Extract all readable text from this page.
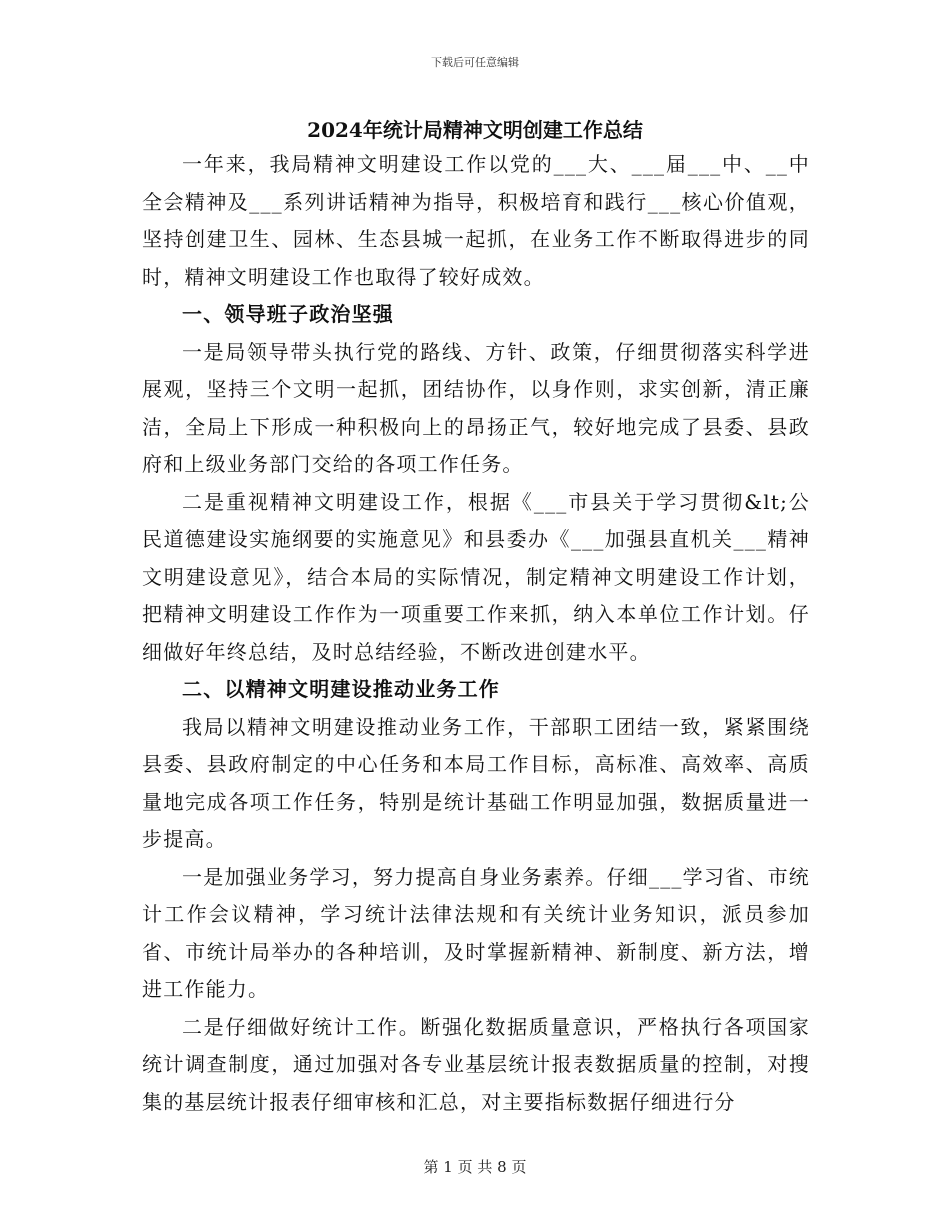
下载后可任意编辑
2024年统计局精神文明创建工作总结

一年来，我局精神文明建设工作以党的___大、___届___中、__中全会精神及___系列讲话精神为指导，积极培育和践行___核心价值观，坚持创建卫生、园林、生态县城一起抓，在业务工作不断取得进步的同时，精神文明建设工作也取得了较好成效。

一、领导班子政治坚强

一是局领导带头执行党的路线、方针、政策，仔细贯彻落实科学进展观，坚持三个文明一起抓，团结协作，以身作则，求实创新，清正廉洁，全局上下形成一种积极向上的昂扬正气，较好地完成了县委、县政府和上级业务部门交给的各项工作任务。

二是重视精神文明建设工作，根据《___市县关于学习贯彻&lt;公民道德建设实施纲要的实施意见》和县委办《___加强县直机关___精神文明建设意见》，结合本局的实际情况，制定精神文明建设工作计划，把精神文明建设工作作为一项重要工作来抓，纳入本单位工作计划。仔细做好年终总结，及时总结经验，不断改进创建水平。

二、以精神文明建设推动业务工作

我局以精神文明建设推动业务工作，干部职工团结一致，紧紧围绕县委、县政府制定的中心任务和本局工作目标，高标准、高效率、高质量地完成各项工作任务，特别是统计基础工作明显加强，数据质量进一步提高。

一是加强业务学习，努力提高自身业务素养。仔细___学习省、市统计工作会议精神，学习统计法律法规和有关统计业务知识，派员参加省、市统计局举办的各种培训，及时掌握新精神、新制度、新方法，增进工作能力。

二是仔细做好统计工作。断强化数据质量意识，严格执行各项国家统计调查制度，通过加强对各专业基层统计报表数据质量的控制，对搜集的基层统计报表仔细审核和汇总，对主要指标数据仔细进行分

第 1 页 共 8 页
